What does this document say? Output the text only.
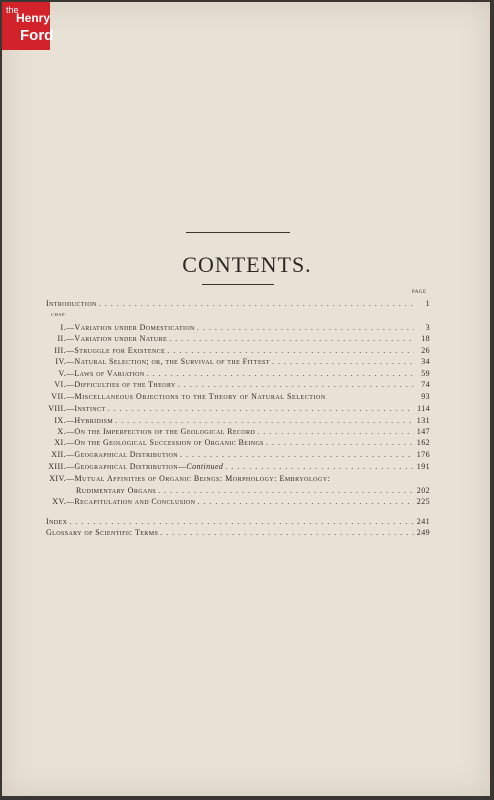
the
Henry
Ford
CONTENTS.
PAGE
CHAP.
Introduction . . .	1
I. —Variation under Domestication . . .	3
II. —Variation under Nature . . .	18
III. —Struggle for Existence . . .	26
IV. —Natural Selection; or, the Survival of the Fittest . . .	34
V. —Laws of Variation . . .	59
VI. —Difficulties of the Theory . . .	74
VII. —Miscellaneous Objections to the Theory of Natural Selection	93
VIII. —Instinct . . .	114
IX. —Hybridism . . .	131
X. —On the Imperfection of the Geological Record . . .	147
XI. —On the Geological Succession of Organic Beings . . .	162
XII. —Geographical Distribution . . .	176
XIII. —Geographical Distribution—Continued . . .	191
XIV. —Mutual Affinities of Organic Beings: Morphology: Embryology:
Rudimentary Organs . . .	202
XV. —Recapitulation and Conclusion . . .	225
Index . . .	241
Glossary of Scientific Terms . . .	249
